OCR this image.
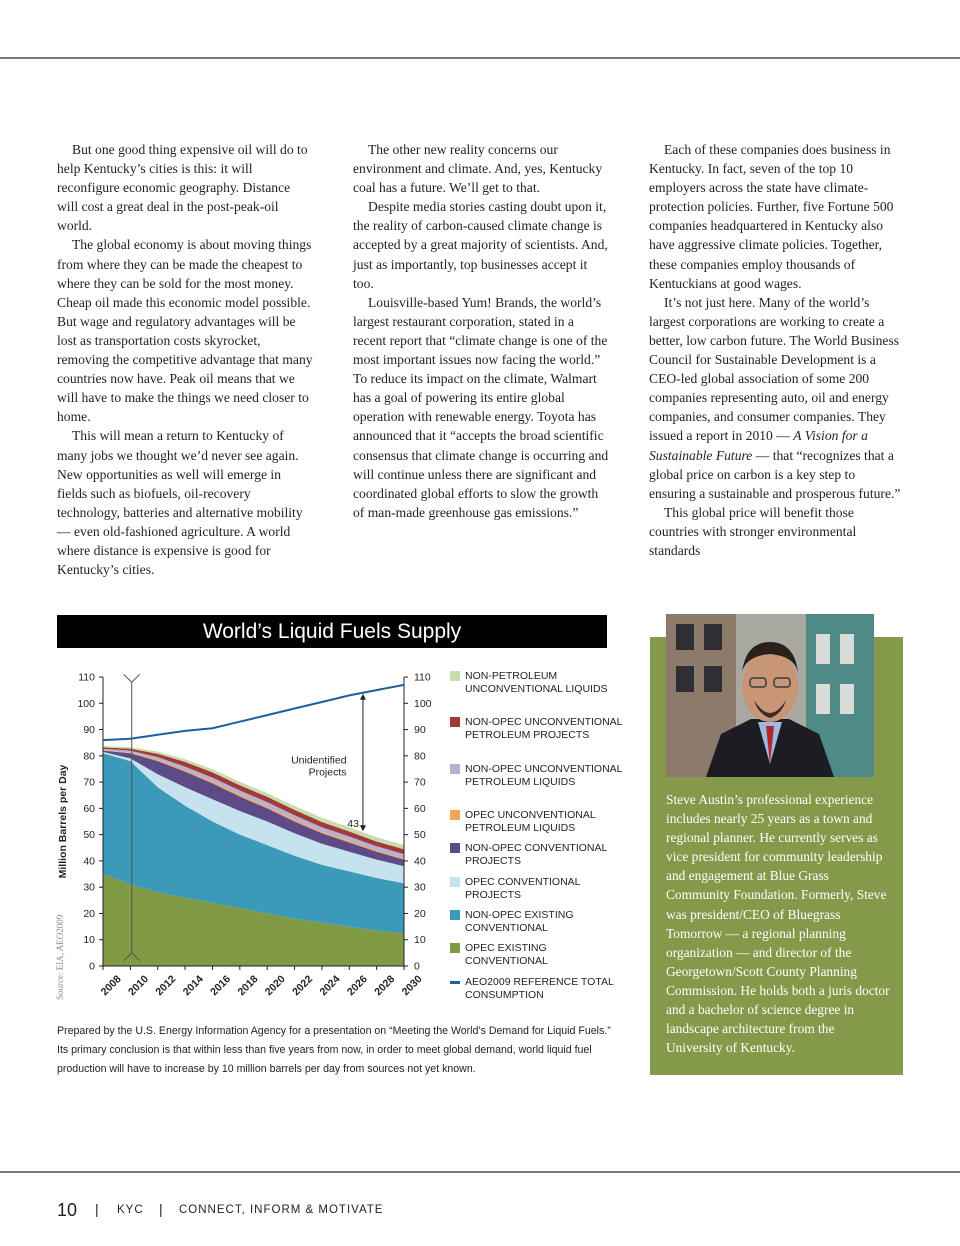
But one good thing expensive oil will do to help Kentucky’s cities is this: it will reconfigure economic geography. Distance will cost a great deal in the post-peak-oil world.

The global economy is about moving things from where they can be made the cheapest to where they can be sold for the most money. Cheap oil made this economic model possible. But wage and regulatory advantages will be lost as transportation costs skyrocket, removing the competitive advantage that many countries now have. Peak oil means that we will have to make the things we need closer to home.

This will mean a return to Kentucky of many jobs we thought we’d never see again. New opportunities as well will emerge in fields such as biofuels, oil-recovery technology, batteries and alternative mobility — even old-fashioned agriculture. A world where distance is expensive is good for Kentucky’s cities.

The other new reality concerns our environment and climate. And, yes, Kentucky coal has a future. We’ll get to that.

Despite media stories casting doubt upon it, the reality of carbon-caused climate change is accepted by a great majority of scientists. And, just as importantly, top businesses accept it too.

Louisville-based Yum! Brands, the world’s largest restaurant corporation, stated in a recent report that “climate change is one of the most important issues now facing the world.” To reduce its impact on the climate, Walmart has a goal of powering its entire global operation with renewable energy. Toyota has announced that it “accepts the broad scientific consensus that climate change is occurring and will continue unless there are significant and coordinated global efforts to slow the growth of man-made greenhouse gas emissions.”

Each of these companies does business in Kentucky. In fact, seven of the top 10 employers across the state have climate-protection policies. Further, five Fortune 500 companies headquartered in Kentucky also have aggressive climate policies. Together, these companies employ thousands of Kentuckians at good wages.

It’s not just here. Many of the world’s largest corporations are working to create a better, low carbon future. The World Business Council for Sustainable Development is a CEO-led global association of some 200 companies representing auto, oil and energy companies, and consumer companies. They issued a report in 2010 — A Vision for a Sustainable Future — that “recognizes that a global price on carbon is a key step to ensuring a sustainable and prosperous future.”

This global price will benefit those countries with stronger environmental standards

World’s Liquid Fuels Supply
0	0
10	10
20	20
30	30
40	40
50	50
60	60
70	70
80	80
90	90
100	100
110	110
2008 2010 2012 2014 2016 2018 2020 2022 2024 2026 2028 2030
Million Barrels per Day
Unidentified Projects
43
Source: EIA, AEO2009
NON-PETROLEUM UNCONVENTIONAL LIQUIDS
NON-OPEC UNCONVENTIONAL PETROLEUM PROJECTS
NON-OPEC UNCONVENTIONAL PETROLEUM LIQUIDS
OPEC UNCONVENTIONAL PETROLEUM LIQUIDS
NON-OPEC CONVENTIONAL PROJECTS
OPEC CONVENTIONAL PROJECTS
NON-OPEC EXISTING CONVENTIONAL
OPEC EXISTING CONVENTIONAL
AEO2009 REFERENCE TOTAL CONSUMPTION
Prepared by the U.S. Energy Information Agency for a presentation on “Meeting the World’s Demand for Liquid Fuels.” Its primary conclusion is that within less than five years from now, in order to meet global demand, world liquid fuel production will have to increase by 10 million barrels per day from sources not yet known.
Steve Austin’s professional experience includes nearly 25 years as a town and regional planner. He currently serves as vice president for community leadership and engagement at Blue Grass Community Foundation. Formerly, Steve was president/CEO of Bluegrass Tomorrow — a regional planning organization — and director of the Georgetown/Scott County Planning Commission. He holds both a juris doctor and a bachelor of science degree in landscape architecture from the University of Kentucky.
10 | KYC | CONNECT, INFORM & MOTIVATE
